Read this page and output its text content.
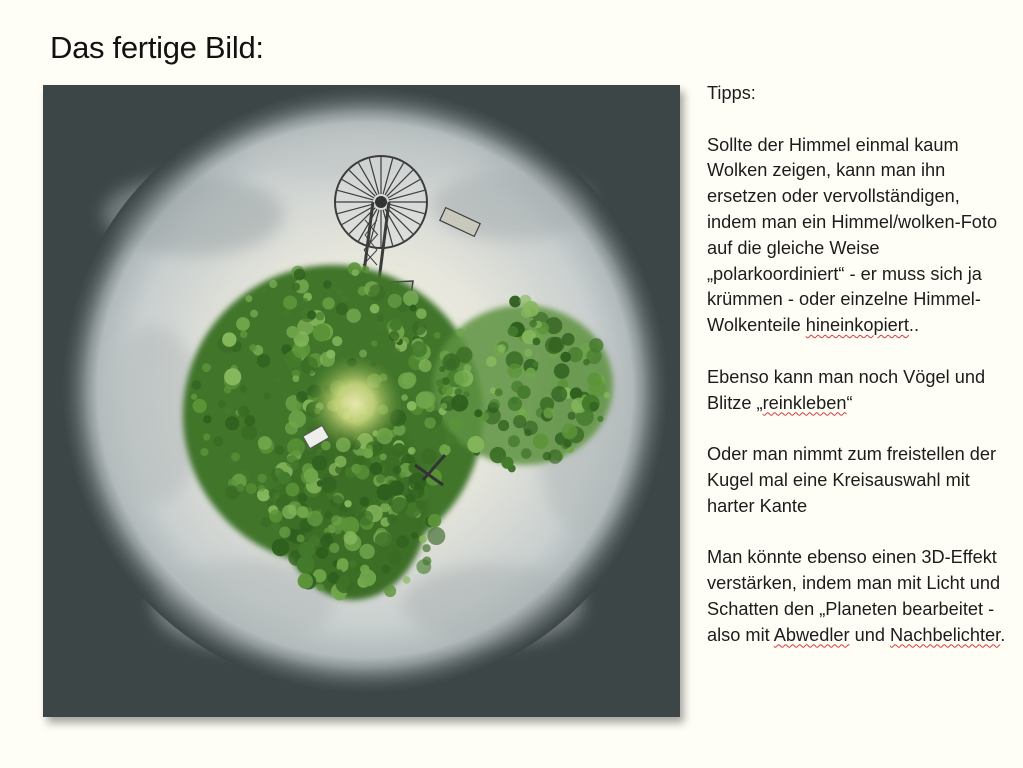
Das fertige Bild:

Tipps:

Sollte der Himmel einmal kaum Wolken zeigen, kann man ihn ersetzen oder vervollständigen, indem man ein Himmel/wolken-Foto auf die gleiche Weise „polarkoordiniert“ - er muss sich ja krümmen - oder einzelne Himmel-Wolkenteile hineinkopiert..

Ebenso kann man noch Vögel und Blitze „reinkleben“

Oder man nimmt zum freistellen der Kugel mal eine Kreisauswahl mit harter Kante

Man könnte ebenso einen 3D-Effekt verstärken, indem man mit Licht und Schatten den „Planeten bearbeitet - also mit Abwedler und Nachbelichter.
